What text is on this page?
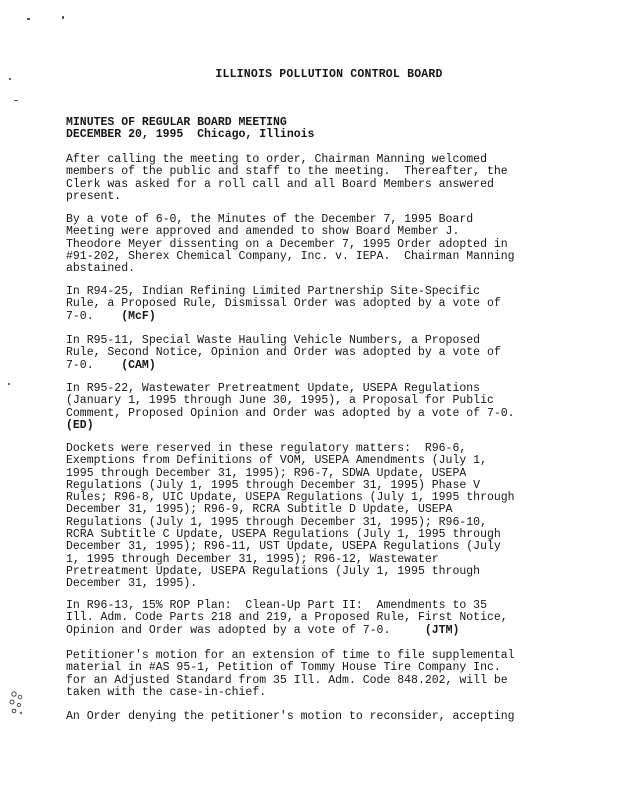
ILLINOIS POLLUTION CONTROL BOARD
MINUTES OF REGULAR BOARD MEETING
DECEMBER 20, 1995  Chicago, Illinois
After calling the meeting to order, Chairman Manning welcomed
members of the public and staff to the meeting.  Thereafter, the
Clerk was asked for a roll call and all Board Members answered
present.
By a vote of 6-0, the Minutes of the December 7, 1995 Board
Meeting were approved and amended to show Board Member J.
Theodore Meyer dissenting on a December 7, 1995 Order adopted in
#91-202, Sherex Chemical Company, Inc. v. IEPA.  Chairman Manning
abstained.
In R94-25, Indian Refining Limited Partnership Site-Specific
Rule, a Proposed Rule, Dismissal Order was adopted by a vote of
7-0. (McF)
In R95-11, Special Waste Hauling Vehicle Numbers, a Proposed
Rule, Second Notice, Opinion and Order was adopted by a vote of
7-0. (CAM)
In R95-22, Wastewater Pretreatment Update, USEPA Regulations
(January 1, 1995 through June 30, 1995), a Proposal for Public
Comment, Proposed Opinion and Order was adopted by a vote of 7-0.
(ED)
Dockets were reserved in these regulatory matters:  R96-6,
Exemptions from Definitions of VOM, USEPA Amendments (July 1,
1995 through December 31, 1995); R96-7, SDWA Update, USEPA
Regulations (July 1, 1995 through December 31, 1995) Phase V
Rules; R96-8, UIC Update, USEPA Regulations (July 1, 1995 through
December 31, 1995); R96-9, RCRA Subtitle D Update, USEPA
Regulations (July 1, 1995 through December 31, 1995); R96-10,
RCRA Subtitle C Update, USEPA Regulations (July 1, 1995 through
December 31, 1995); R96-11, UST Update, USEPA Regulations (July
1, 1995 through December 31, 1995); R96-12, Wastewater
Pretreatment Update, USEPA Regulations (July 1, 1995 through
December 31, 1995).
In R96-13, 15% ROP Plan:  Clean-Up Part II:  Amendments to 35
Ill. Adm. Code Parts 218 and 219, a Proposed Rule, First Notice,
Opinion and Order was adopted by a vote of 7-0.	(JTM)
Petitioner's motion for an extension of time to file supplemental
material in #AS 95-1, Petition of Tommy House Tire Company Inc.
for an Adjusted Standard from 35 Ill. Adm. Code 848.202, will be
taken with the case-in-chief.
An Order denying the petitioner's motion to reconsider, accepting
